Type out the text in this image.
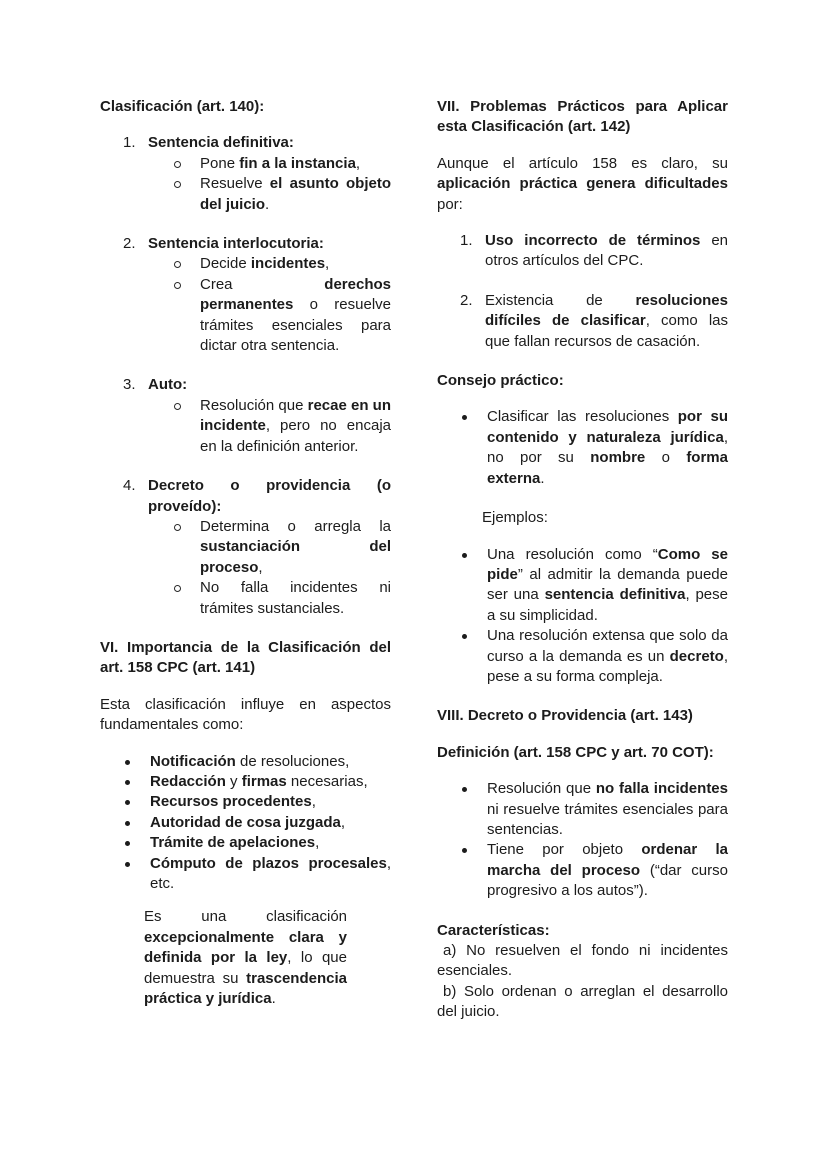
Clasificación (art. 140):
1. Sentencia definitiva:
Pone fin a la instancia,
Resuelve el asunto objeto del juicio.
2. Sentencia interlocutoria:
Decide incidentes,
Crea derechos permanentes o resuelve trámites esenciales para dictar otra sentencia.
3. Auto:
Resolución que recae en un incidente, pero no encaja en la definición anterior.
4. Decreto o providencia (o proveído):
Determina o arregla la sustanciación del proceso,
No falla incidentes ni trámites sustanciales.
VI. Importancia de la Clasificación del art. 158 CPC (art. 141)
Esta clasificación influye en aspectos fundamentales como:
Notificación de resoluciones,
Redacción y firmas necesarias,
Recursos procedentes,
Autoridad de cosa juzgada,
Trámite de apelaciones,
Cómputo de plazos procesales, etc.
Es una clasificación excepcionalmente clara y definida por la ley, lo que demuestra su trascendencia práctica y jurídica.
VII. Problemas Prácticos para Aplicar esta Clasificación (art. 142)
Aunque el artículo 158 es claro, su aplicación práctica genera dificultades por:
1. Uso incorrecto de términos en otros artículos del CPC.
2. Existencia de resoluciones difíciles de clasificar, como las que fallan recursos de casación.
Consejo práctico:
Clasificar las resoluciones por su contenido y naturaleza jurídica, no por su nombre o forma externa.
Ejemplos:
Una resolución como “Como se pide” al admitir la demanda puede ser una sentencia definitiva, pese a su simplicidad.
Una resolución extensa que solo da curso a la demanda es un decreto, pese a su forma compleja.
VIII. Decreto o Providencia (art. 143)
Definición (art. 158 CPC y art. 70 COT):
Resolución que no falla incidentes ni resuelve trámites esenciales para sentencias.
Tiene por objeto ordenar la marcha del proceso (“dar curso progresivo a los autos”).
Características:
a) No resuelven el fondo ni incidentes esenciales.
b) Solo ordenan o arreglan el desarrollo del juicio.
